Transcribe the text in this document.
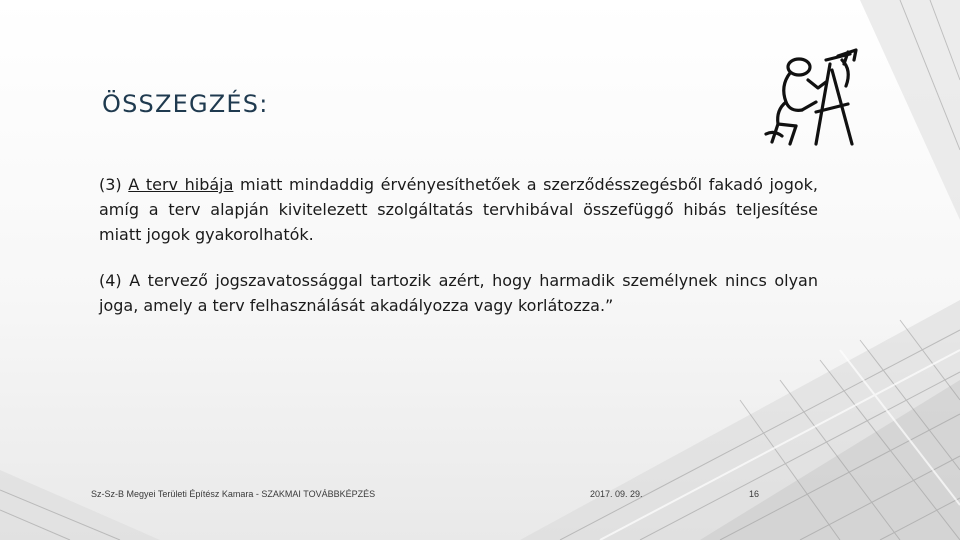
ÖSSZEGZÉS:

(3) A terv hibája miatt mindaddig érvényesíthetőek a szerződésszegésből fakadó jogok, amíg a terv alapján kivitelezett szolgáltatás tervhibával összefüggő hibás teljesítése miatt jogok gyakorolhatók.

(4) A tervező jogszavatossággal tartozik azért, hogy harmadik személynek nincs olyan joga, amely a terv felhasználását akadályozza vagy korlátozza.”

Sz-Sz-B Megyei Területi Építész Kamara - SZAKMAI TOVÁBBKÉPZÉS	2017. 09. 29.	16
